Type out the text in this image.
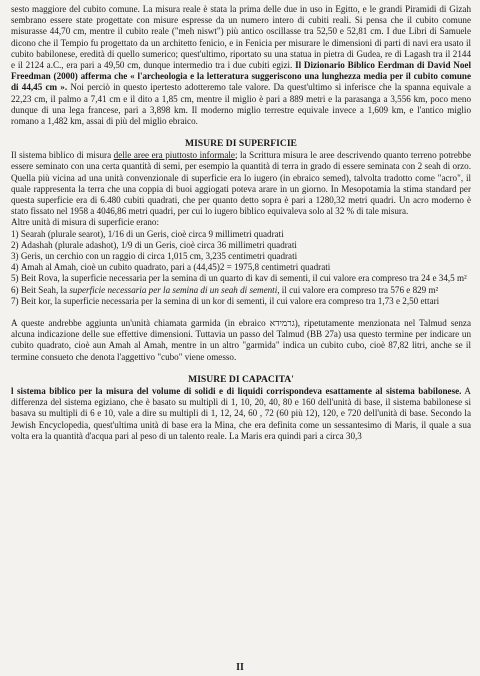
sesto maggiore del cubito comune. La misura reale è stata la prima delle due in uso in Egitto, e le grandi Piramidi di Gizah sembrano essere state progettate con misure espresse da un numero intero di cubiti reali. Si pensa che il cubito comune misurasse 44,70 cm, mentre il cubito reale ("meh niswt") più antico oscillasse tra 52,50 e 52,81 cm. I due Libri di Samuele dicono che il Tempio fu progettato da un architetto fenicio, e in Fenicia per misurare le dimensioni di parti di navi era usato il cubito babilonese, eredità di quello sumerico; quest'ultimo, riportato su una statua in pietra di Gudea, re di Lagash tra il 2144 e il 2124 a.C., era pari a 49,50 cm, dunque intermedio tra i due cubiti egizi. Il Dizionario Biblico Eerdman di David Noel Freedman (2000) afferma che « l'archeologia e la letteratura suggeriscono una lunghezza media per il cubito comune di 44,45 cm ». Noi perciò in questo ipertesto adotteremo tale valore. Da quest'ultimo si inferisce che la spanna equivale a 22,23 cm, il palmo a 7,41 cm e il dito a 1,85 cm, mentre il miglio è pari a 889 metri e la parasanga a 3,556 km, poco meno dunque di una lega francese, pari a 3,898 km. Il moderno miglio terrestre equivale invece a 1,609 km, e l'antico miglio romano a 1,482 km, assai di più del miglio ebraico.

MISURE DI SUPERFICIE

Il sistema biblico di misura delle aree era piuttosto informale; la Scrittura misura le aree descrivendo quanto terreno potrebbe essere seminato con una certa quantità di semi, per esempio la quantità di terra in grado di essere seminata con 2 seah di orzo. Quella più vicina ad una unità convenzionale di superficie era lo iugero (in ebraico semed), talvolta tradotto come "acro", il quale rappresenta la terra che una coppia di buoi aggiogati poteva arare in un giorno. In Mesopotamia la stima standard per questa superficie era di 6.480 cubiti quadrati, che per quanto detto sopra è pari a 1280,32 metri quadri. Un acro moderno è stato fissato nel 1958 a 4046,86 metri quadri, per cui lo iugero biblico equivaleva solo al 32 % di tale misura.

Altre unità di misura di superficie erano:

1) Searah (plurale searot), 1/16 di un Geris, cioè circa 9 millimetri quadrati
2) Adashah (plurale adashot), 1/9 di un Geris, cioè circa 36 millimetri quadrati
3) Geris, un cerchio con un raggio di circa 1,015 cm, 3,235 centimetri quadrati
4) Amah al Amah, cioè un cubito quadrato, pari a (44,45)2 = 1975,8 centimetri quadrati
5) Beit Rova, la superficie necessaria per la semina di un quarto di kav di sementi, il cui valore era compreso tra 24 e 34,5 m²
6) Beit Seah, la superficie necessaria per la semina di un seah di sementi, il cui valore era compreso tra 576 e 829 m²
7) Beit kor, la superficie necessaria per la semina di un kor di sementi, il cui valore era compreso tra 1,73 e 2,50 ettari

A queste andrebbe aggiunta un'unità chiamata garmida (in ebraico גרמידא), ripetutamente menzionata nel Talmud senza alcuna indicazione delle sue effettive dimensioni. Tuttavia un passo del Talmud (BB 27a) usa questo termine per indicare un cubito quadrato, cioè aun Amah al Amah, mentre in un altro "garmida" indica un cubito cubo, cioè 87,82 litri, anche se il termine consueto che denota l'aggettivo "cubo" viene omesso.

MISURE DI CAPACITA'

l sistema biblico per la misura del volume di solidi e di liquidi corrispondeva esattamente al sistema babilonese. A differenza del sistema egiziano, che è basato su multipli di 1, 10, 20, 40, 80 e 160 dell'unità di base, il sistema babilonese si basava su multipli di 6 e 10, vale a dire su multipli di 1, 12, 24, 60 , 72 (60 più 12), 120, e 720 dell'unità di base. Secondo la Jewish Encyclopedia, quest'ultima unità di base era la Mina, che era definita come un sessantesimo di Maris, il quale a sua volta era la quantità d'acqua pari al peso di un talento reale. La Maris era quindi pari a circa 30,3

II
